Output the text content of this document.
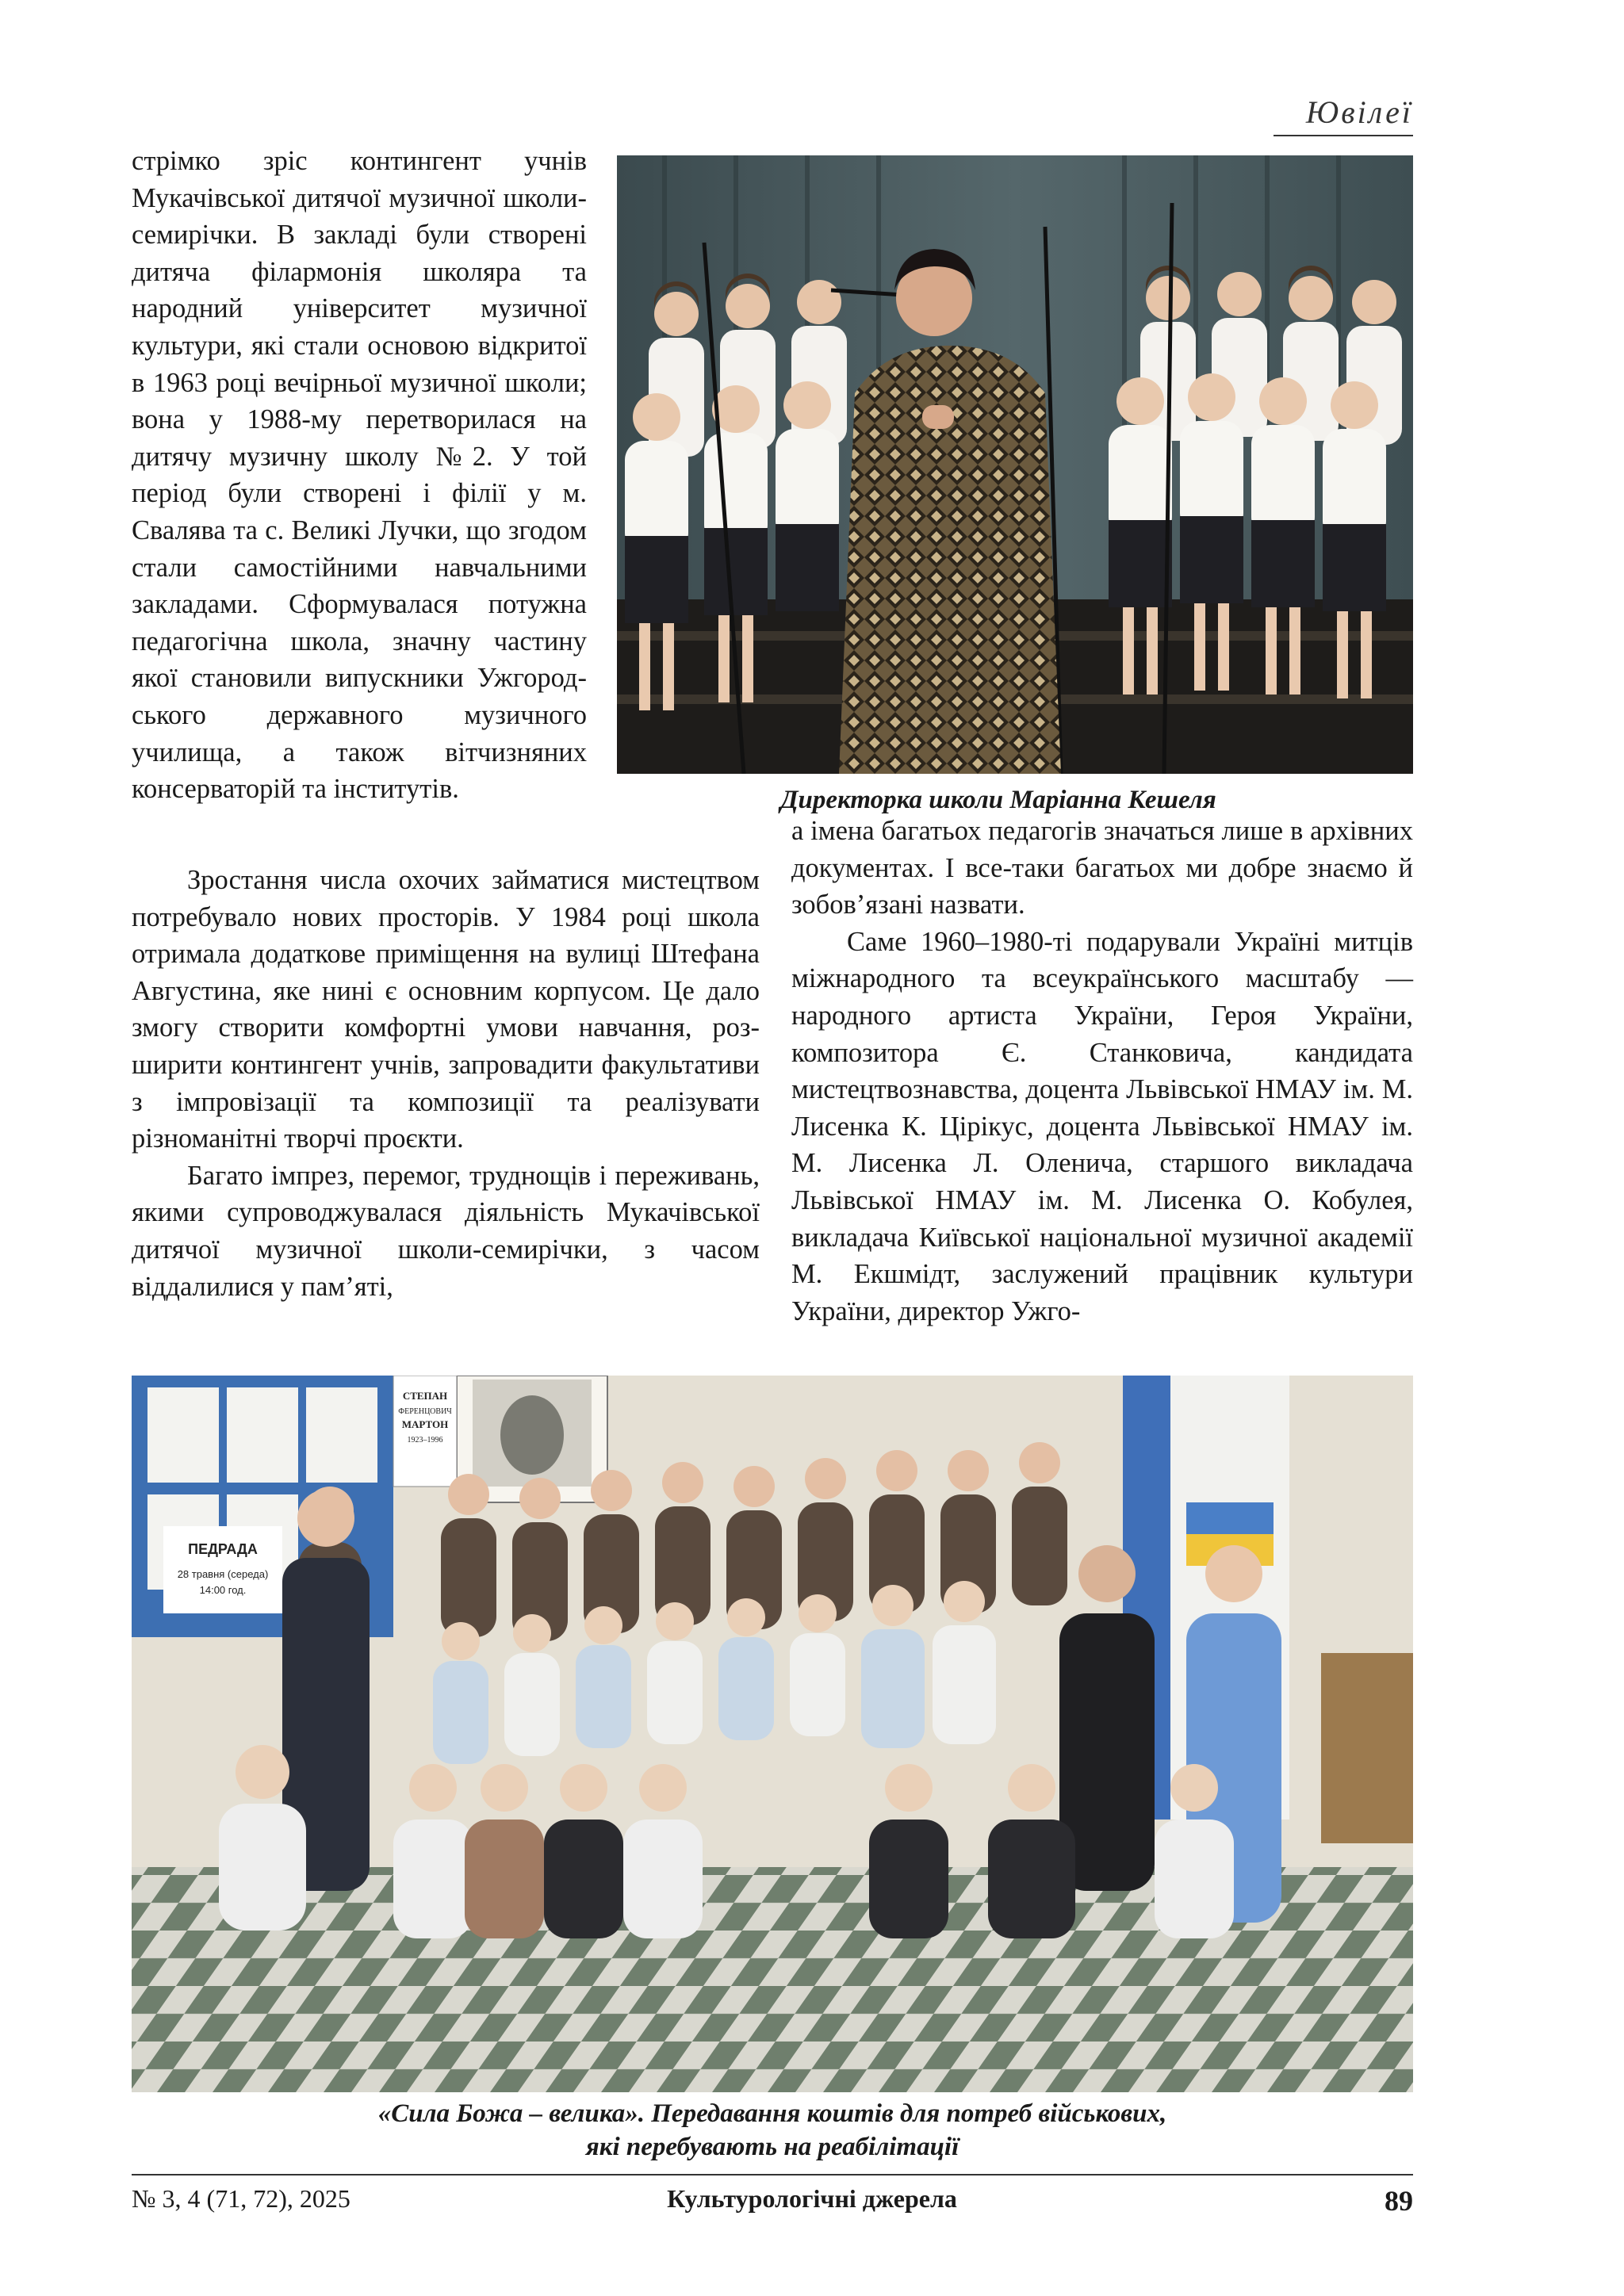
Ювілеї

стрімко зріс контингент учнів Мукачівської дитячої музичної школи-семирічки. В закладі були створені дитяча філармонія школяра та народний університет музичної культури, які стали основою відкритої в 1963 році вечірньої музичної школи; вона у 1988-му перетворилася на дитячу музичну школу №2. У той період були створені і філії у м. Свалява та с. Великі Лучки, що згодом стали самостійними навчальними закладами. Сформувалася потужна педагогічна школа, значну частину якої становили випускники Ужгородського державного музичного училища, а також вітчизняних консерваторій та інститутів.	Директорка школи Маріанна Кешеля

Зростання числа охочих займатися мистецтвом потребувало нових просторів. У 1984 році школа отримала додаткове приміщення на вулиці Штефана Августина, яке нині є основним корпусом. Це дало змогу створити комфортні умови навчання, розширити контингент учнів, запровадити факультативи з імпровізації та композиції та реалізувати різноманітні творчі проєкти.

Багато імпрез, перемог, труднощів і переживань, якими супроводжувалася діяльність Мукачівської дитячої музичної школи-семирічки, з часом віддалилися у пам’яті,

а імена багатьох педагогів значаться лише в архівних документах. І все-таки багатьох ми добре знаємо й зобов’язані назвати.

Саме 1960–1980-ті подарували Україні митців міжнародного та всеукраїнського масштабу — народного артиста України, Героя України, композитора Є. Станковича, кандидата мистецтвознавства, доцента Львівської НМАУ ім. М. Лисенка К. Цірікус, доцента Львівської НМАУ ім. М. Лисенка Л. Оленича, старшого викладача Львівської НМАУ ім. М. Лисенка О. Кобулея, викладача Київської національної музичної академії М. Екшмідт, заслужений працівник культури України, директор Ужго-

ПЕДРАДА
28 травня (середа)
14:00 год.
СТЕПАН
ФЕРЕНЦОВИЧ
МАРТОН
1923–1996
«Сила Божа – велика». Передавання коштів для потреб військових,
які перебувають на реабілітації
Культурологічні джерела
№ 3, 4 (71, 72), 2025	89
